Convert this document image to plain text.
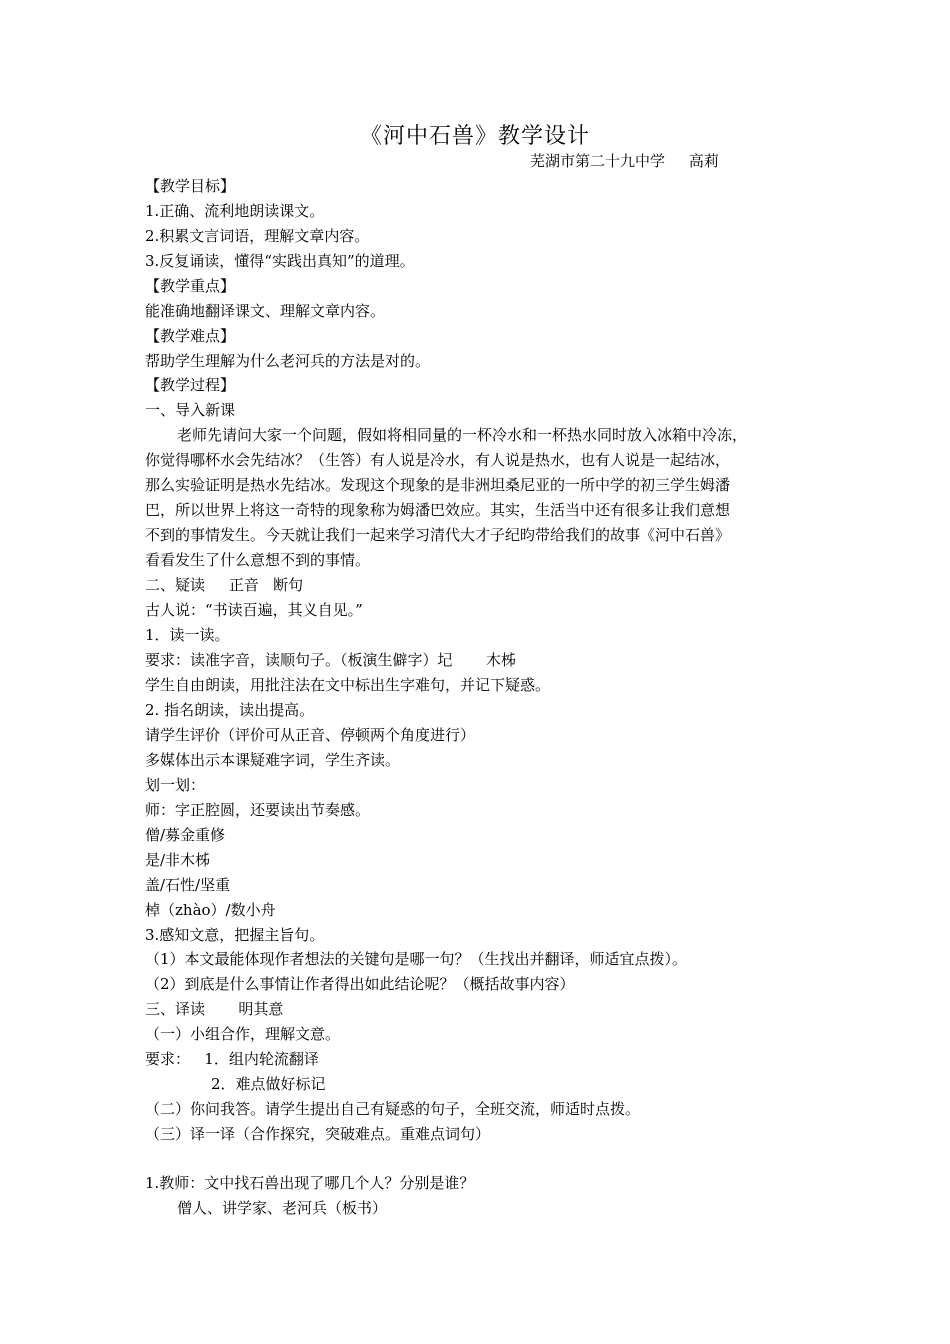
《河中石兽》教学设计
芜湖市第二十九中学     高莉
【教学目标】
1.正确、流利地朗读课文。
2.积累文言词语，理解文章内容。
3.反复诵读，懂得“实践出真知”的道理。
【教学重点】
能准确地翻译课文、理解文章内容。
【教学难点】
帮助学生理解为什么老河兵的方法是对的。
【教学过程】
一、导入新课
老师先请问大家一个问题，假如将相同量的一杯冷水和一杯热水同时放入冰箱中冷冻，
你觉得哪杯水会先结冰？（生答）有人说是冷水，有人说是热水，也有人说是一起结冰，
那么实验证明是热水先结冰。发现这个现象的是非洲坦桑尼亚的一所中学的初三学生姆潘
巴，所以世界上将这一奇特的现象称为姆潘巴效应。其实，生活当中还有很多让我们意想
不到的事情发生。今天就让我们一起来学习清代大才子纪昀带给我们的故事《河中石兽》
看看发生了什么意想不到的事情。
二、疑读     正音   断句
古人说：“书读百遍，其义自见。”
1．读一读。
要求：读准字音，读顺句子。（板演生僻字）圮       木柹
学生自由朗读，用批注法在文中标出生字难句，并记下疑惑。
2. 指名朗读，读出提高。
请学生评价（评价可从正音、停顿两个角度进行）
多媒体出示本课疑难字词，学生齐读。
划一划：
师：字正腔圆，还要读出节奏感。
僧/募金重修
是/非木柹
盖/石性/坚重
棹（zhào）/数小舟
3.感知文意，把握主旨句。
（1）本文最能体现作者想法的关键句是哪一句？（生找出并翻译，师适宜点拨）。
（2）到底是什么事情让作者得出如此结论呢？（概括故事内容）
三、译读       明其意
（一）小组合作，理解文意。
要求：   1．组内轮流翻译
2．难点做好标记
（二）你问我答。请学生提出自己有疑惑的句子，全班交流，师适时点拨。
（三）译一译（合作探究，突破难点。重难点词句）
1.教师：文中找石兽出现了哪几个人？分别是谁？
僧人、讲学家、老河兵（板书）
